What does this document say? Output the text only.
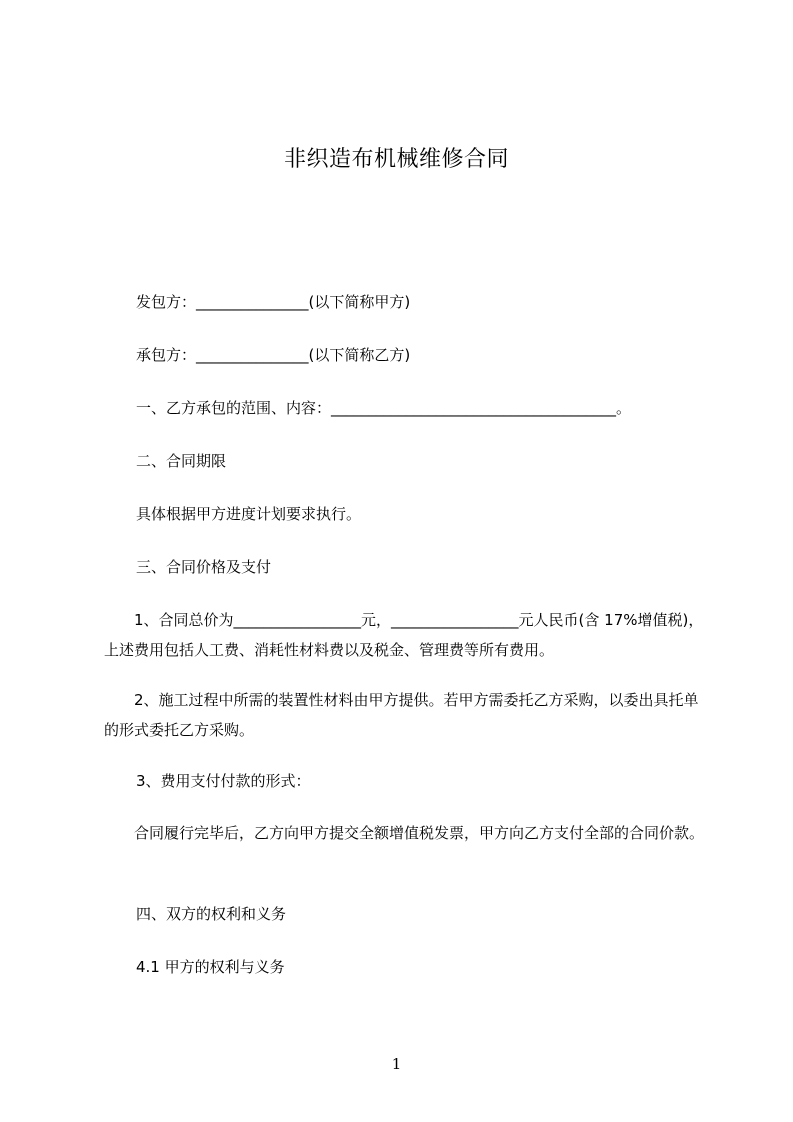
非织造布机械维修合同
发包方：_______________(以下简称甲方)
承包方：_______________(以下简称乙方)
一、乙方承包的范围、内容：______________________________________。
二、合同期限
具体根据甲方进度计划要求执行。
三、合同价格及支付
1、合同总价为_________________元，_________________元人民币(含 17%增值税)，上述费用包括人工费、消耗性材料费以及税金、管理费等所有费用。
2、施工过程中所需的装置性材料由甲方提供。若甲方需委托乙方采购，以委出具托单的形式委托乙方采购。
3、费用支付付款的形式：
合同履行完毕后，乙方向甲方提交全额增值税发票，甲方向乙方支付全部的合同价款。
四、双方的权利和义务
4.1 甲方的权利与义务
1
